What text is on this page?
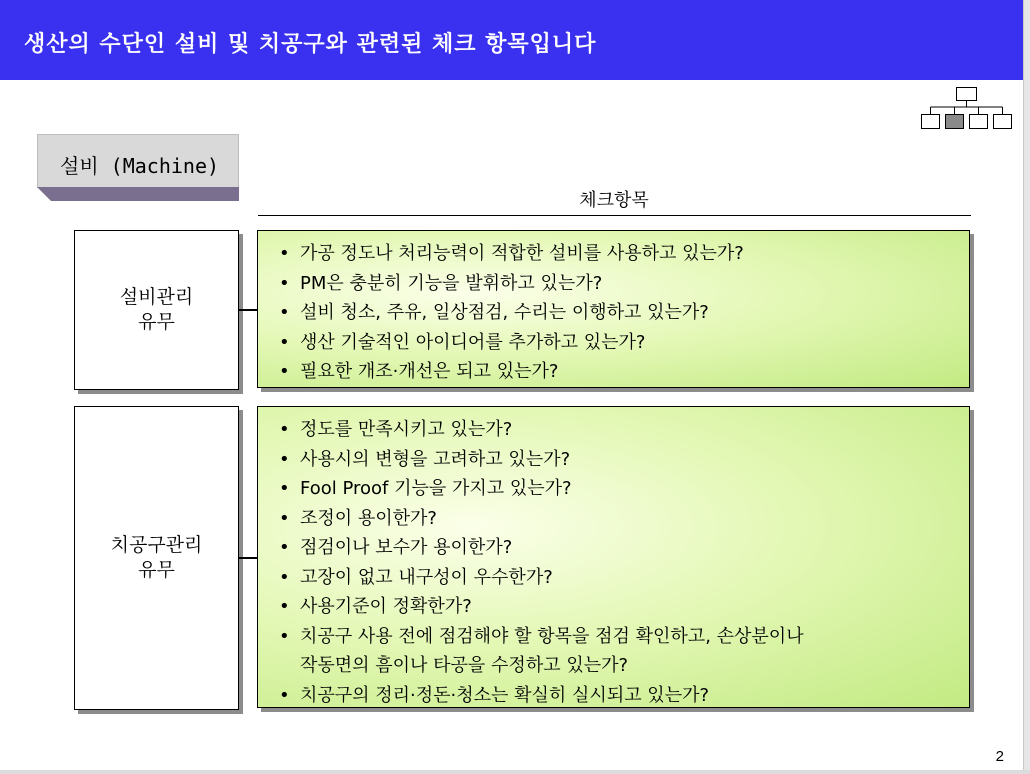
생산의 수단인 설비 및 치공구와 관련된 체크 항목입니다
설비 (Machine)
체크항목
설비관리
유무
• 가공 정도나 처리능력이 적합한 설비를 사용하고 있는가?
• PM은 충분히 기능을 발휘하고 있는가?
• 설비 청소, 주유, 일상점검, 수리는 이행하고 있는가?
• 생산 기술적인 아이디어를 추가하고 있는가?
• 필요한 개조·개선은 되고 있는가?
치공구관리
유무
• 정도를 만족시키고 있는가?
• 사용시의 변형을 고려하고 있는가?
• Fool Proof 기능을 가지고 있는가?
• 조정이 용이한가?
• 점검이나 보수가 용이한가?
• 고장이 없고 내구성이 우수한가?
• 사용기준이 정확한가?
• 치공구 사용 전에 점검해야 할 항목을 점검 확인하고, 손상분이나
작동면의 흠이나 타공을 수정하고 있는가?
• 치공구의 정리·정돈·청소는 확실히 실시되고 있는가?
2
